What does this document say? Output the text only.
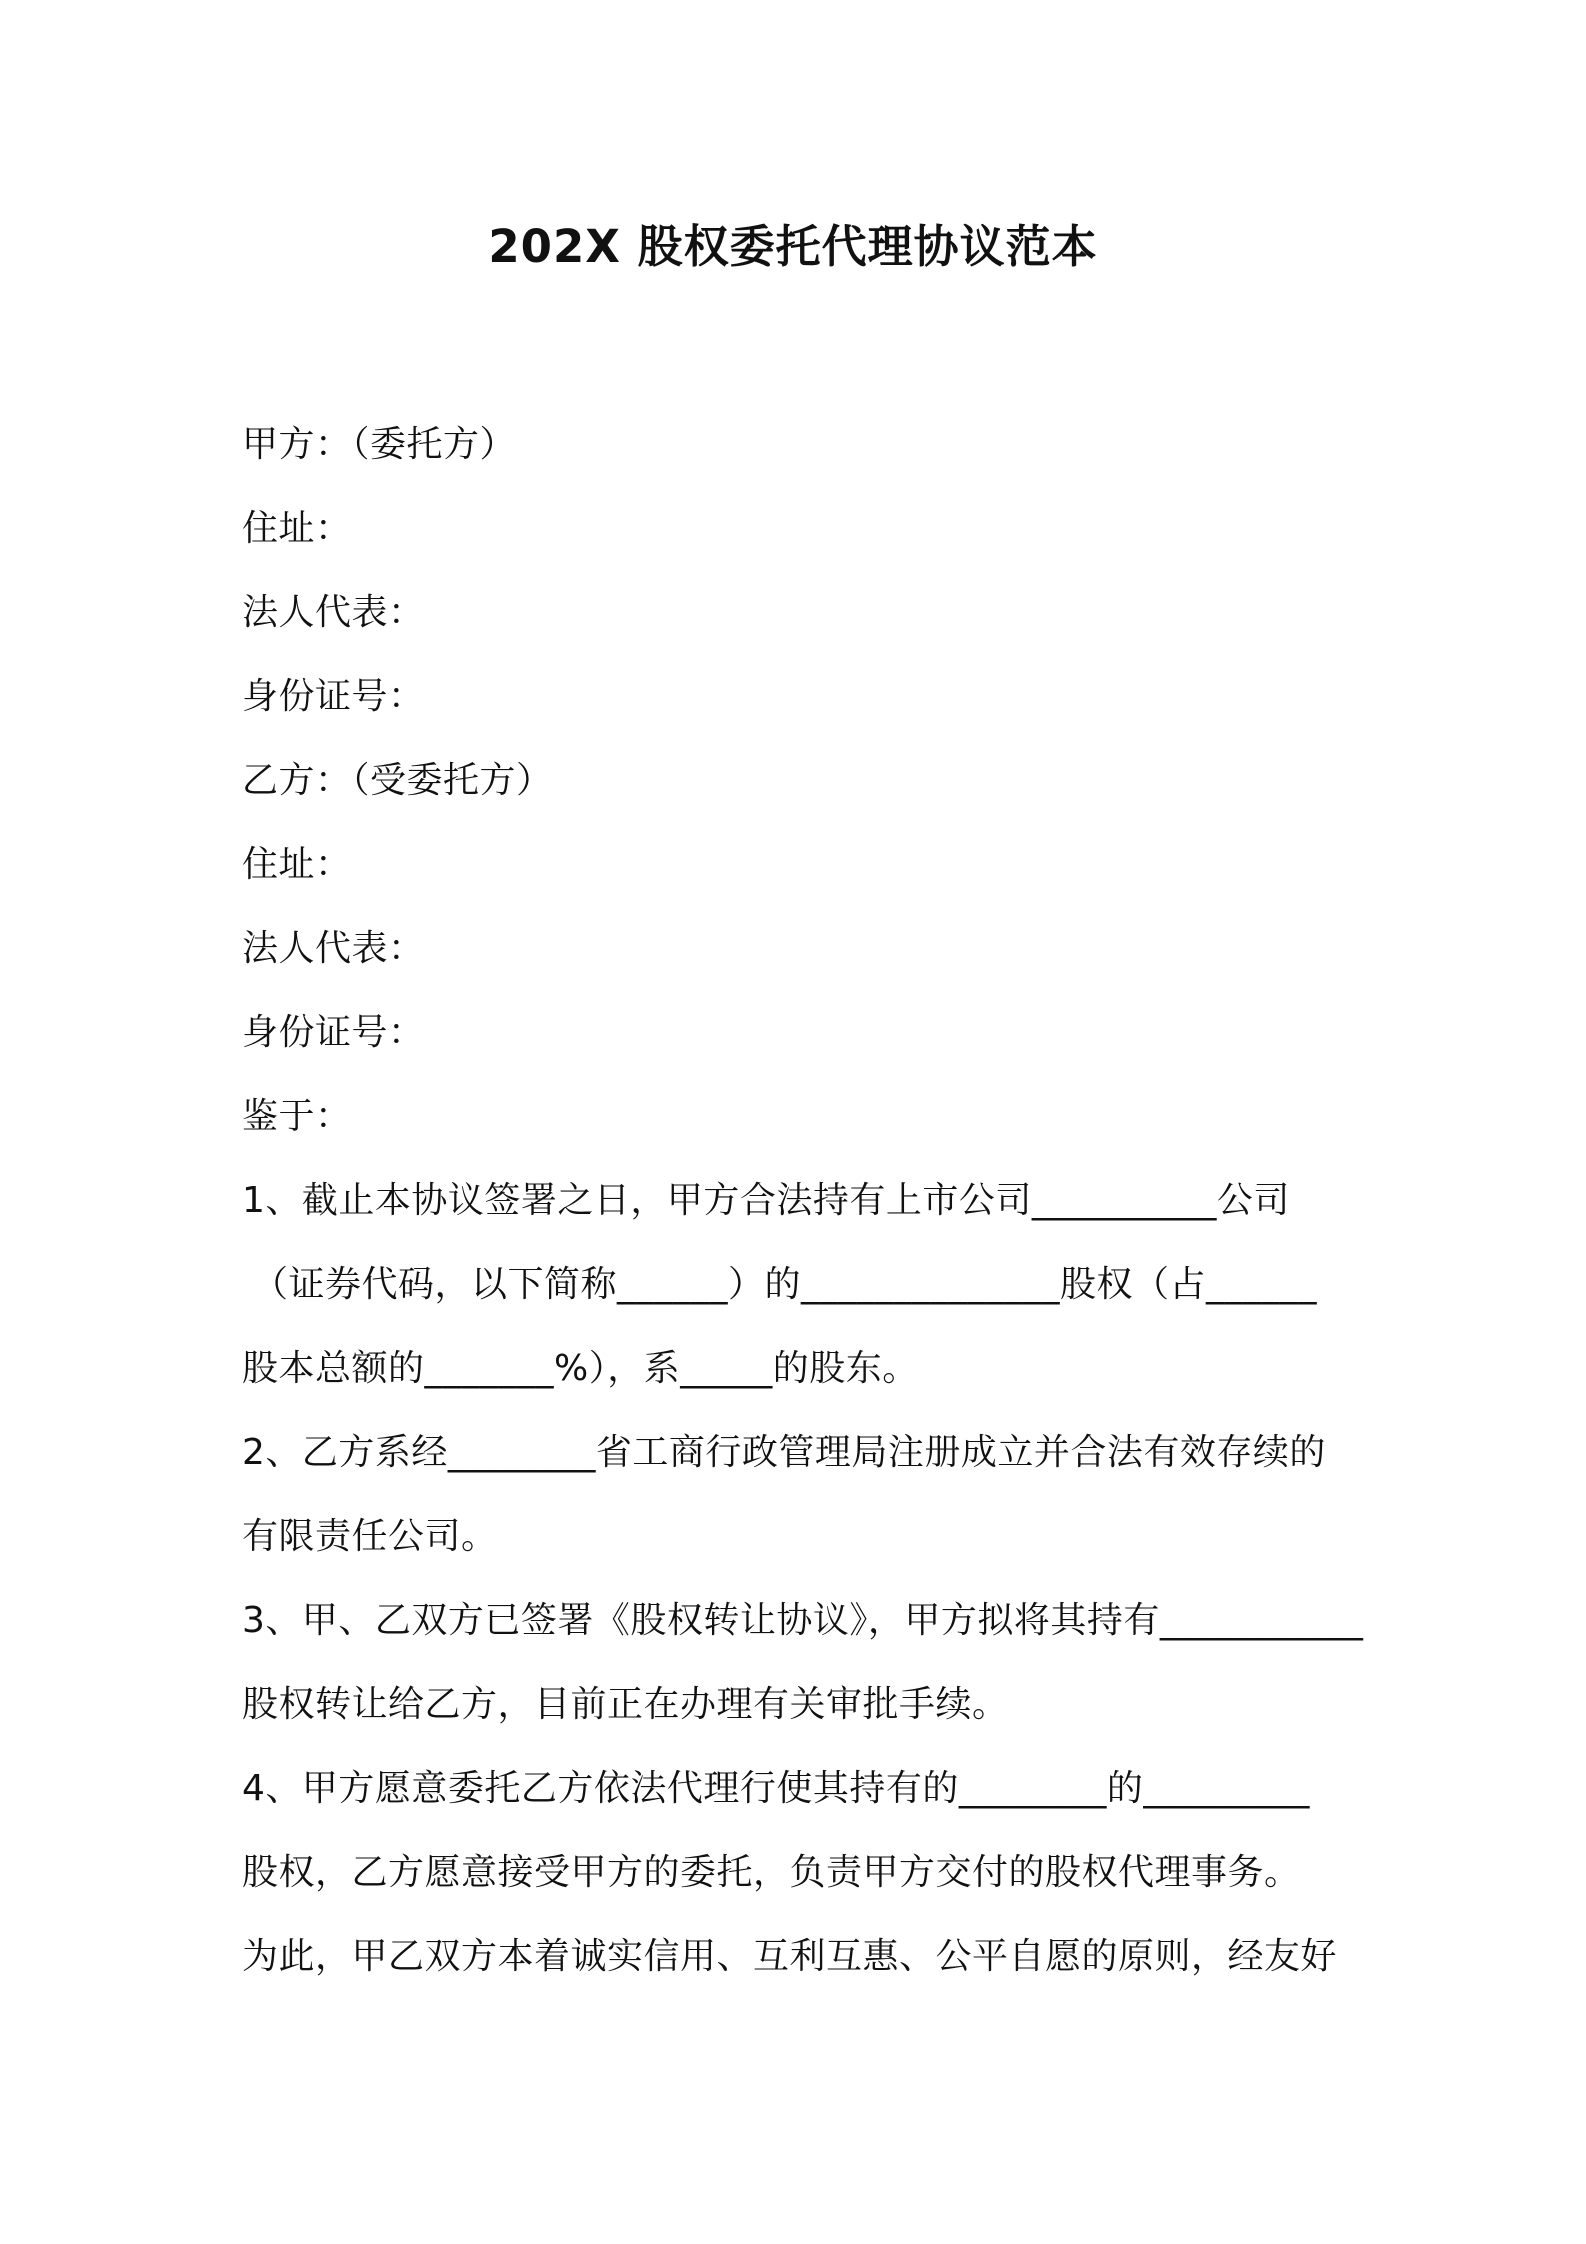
202X 股权委托代理协议范本
甲方：（委托方）
住址：
法人代表：
身份证号：
乙方：（受委托方）
住址：
法人代表：
身份证号：
鉴于：
1、截止本协议签署之日，甲方合法持有上市公司__________公司
（证券代码，以下简称______）的______________股权（占______
股本总额的_______%），系_____的股东。
2、乙方系经________省工商行政管理局注册成立并合法有效存续的
有限责任公司。
3、甲、乙双方已签署《股权转让协议》，甲方拟将其持有___________
股权转让给乙方，目前正在办理有关审批手续。
4、甲方愿意委托乙方依法代理行使其持有的________的_________
股权，乙方愿意接受甲方的委托，负责甲方交付的股权代理事务。
为此，甲乙双方本着诚实信用、互利互惠、公平自愿的原则，经友好
